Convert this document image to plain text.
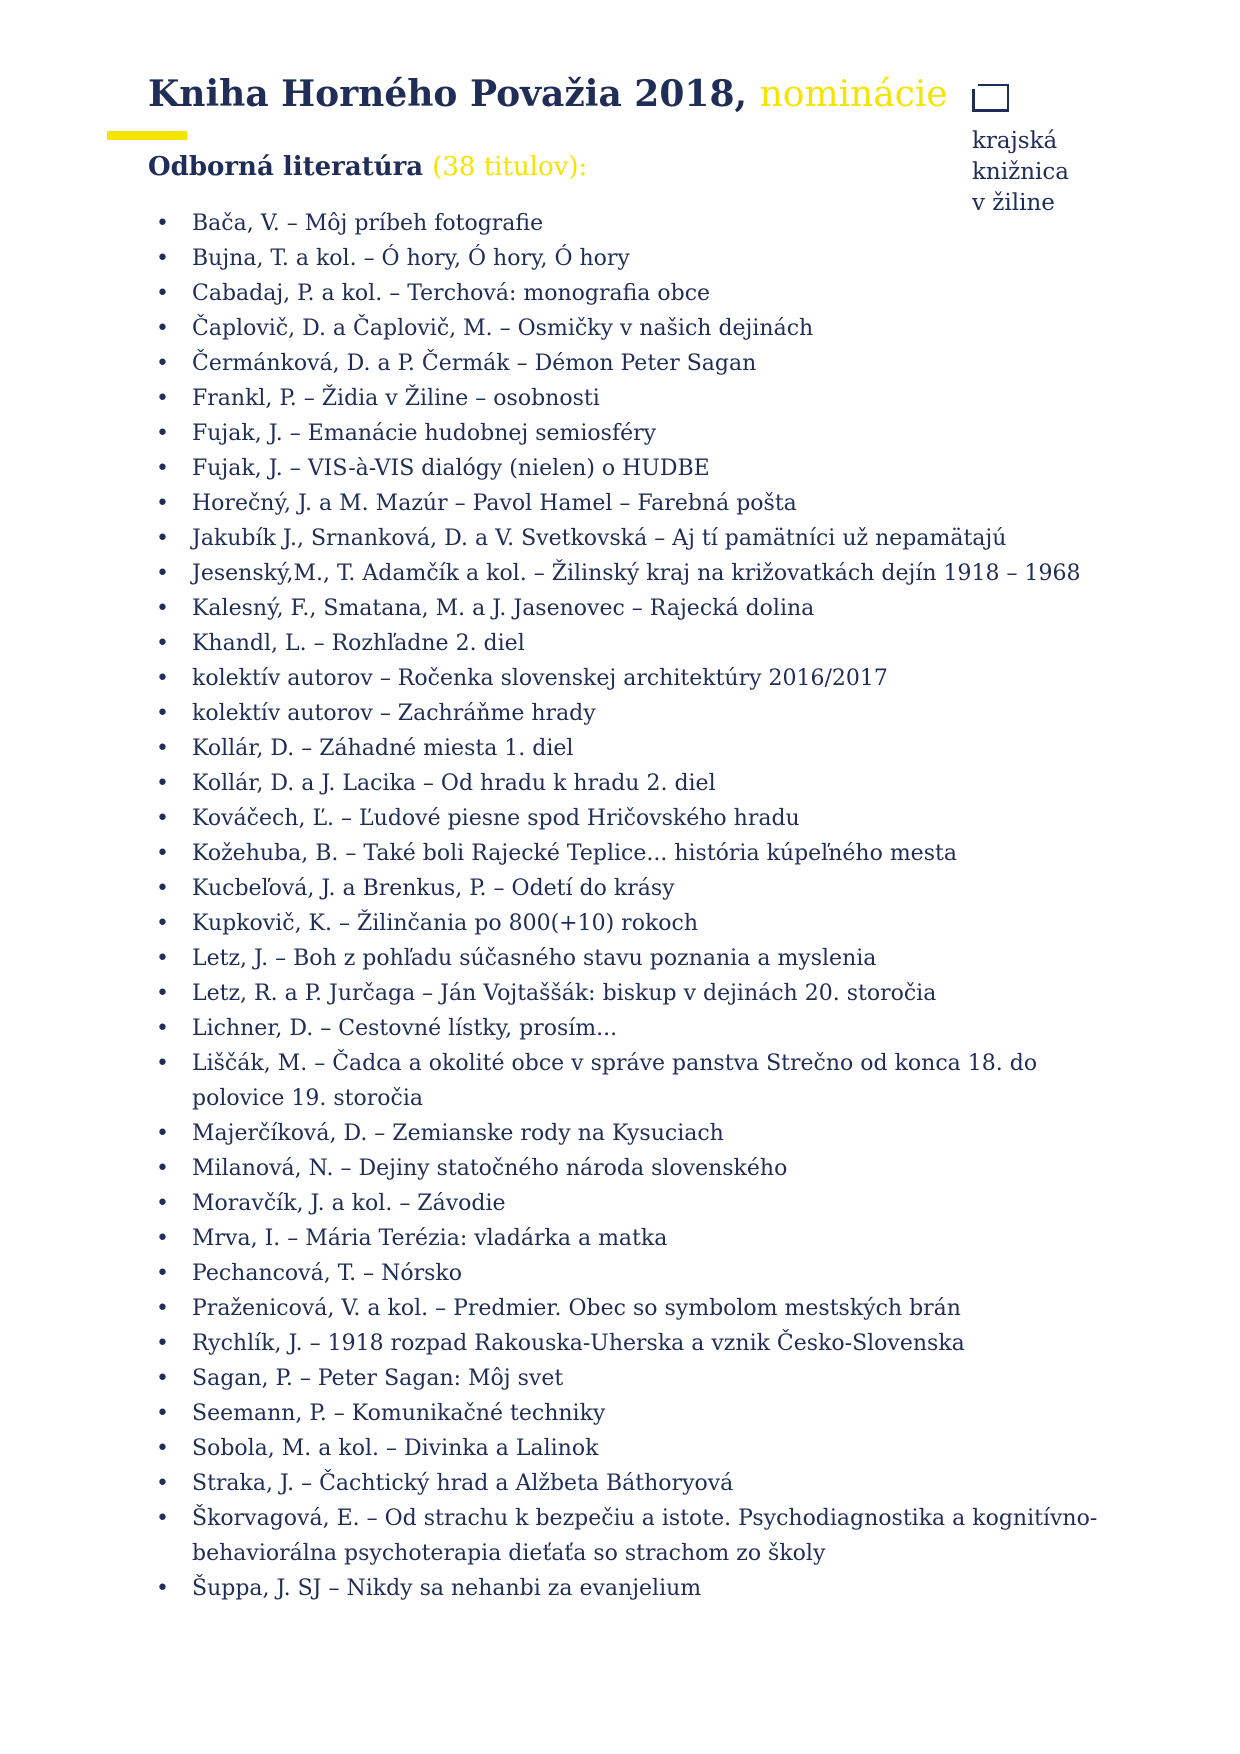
Kniha Horného Považia 2018, nominácie
krajská
knižnica
v žiline
Odborná literatúra (38 titulov):
• Bača, V. – Môj príbeh fotografie
• Bujna, T. a kol. – Ó hory, Ó hory, Ó hory
• Cabadaj, P. a kol. – Terchová: monografia obce
• Čaplovič, D. a Čaplovič, M. – Osmičky v našich dejinách
• Čermánková, D. a P. Čermák – Démon Peter Sagan
• Frankl, P. – Židia v Žiline – osobnosti
• Fujak, J. – Emanácie hudobnej semiosféry
• Fujak, J. – VIS-à-VIS dialógy (nielen) o HUDBE
• Horečný, J. a M. Mazúr – Pavol Hamel – Farebná pošta
• Jakubík J., Srnanková, D. a V. Svetkovská – Aj tí pamätníci už nepamätajú
• Jesenský,M., T. Adamčík a kol. – Žilinský kraj na križovatkách dejín 1918 – 1968
• Kalesný, F., Smatana, M. a J. Jasenovec – Rajecká dolina
• Khandl, L. – Rozhľadne 2. diel
• kolektív autorov – Ročenka slovenskej architektúry 2016/2017
• kolektív autorov – Zachráňme hrady
• Kollár, D. – Záhadné miesta 1. diel
• Kollár, D. a J. Lacika – Od hradu k hradu 2. diel
• Kováčech, Ľ. – Ľudové piesne spod Hričovského hradu
• Kožehuba, B. – Také boli Rajecké Teplice... história kúpeľného mesta
• Kucbeľová, J. a Brenkus, P. – Odetí do krásy
• Kupkovič, K. – Žilinčania po 800(+10) rokoch
• Letz, J. – Boh z pohľadu súčasného stavu poznania a myslenia
• Letz, R. a P. Jurčaga – Ján Vojtaššák: biskup v dejinách 20. storočia
• Lichner, D. – Cestovné lístky, prosím...
• Liščák, M. – Čadca a okolité obce v správe panstva Strečno od konca 18. do polovice 19. storočia
• Majerčíková, D. – Zemianske rody na Kysuciach
• Milanová, N. – Dejiny statočného národa slovenského
• Moravčík, J. a kol. – Závodie
• Mrva, I. – Mária Terézia: vladárka a matka
• Pechancová, T. – Nórsko
• Praženicová, V. a kol. – Predmier. Obec so symbolom mestských brán
• Rychlík, J. – 1918 rozpad Rakouska-Uherska a vznik Česko-Slovenska
• Sagan, P. – Peter Sagan: Môj svet
• Seemann, P. – Komunikačné techniky
• Sobola, M. a kol. – Divinka a Lalinok
• Straka, J. – Čachtický hrad a Alžbeta Báthoryová
• Škorvagová, E. – Od strachu k bezpečiu a istote. Psychodiagnostika a kognitívno-behaviorálna psychoterapia dieťaťa so strachom zo školy
• Šuppa, J. SJ – Nikdy sa nehanbi za evanjelium
